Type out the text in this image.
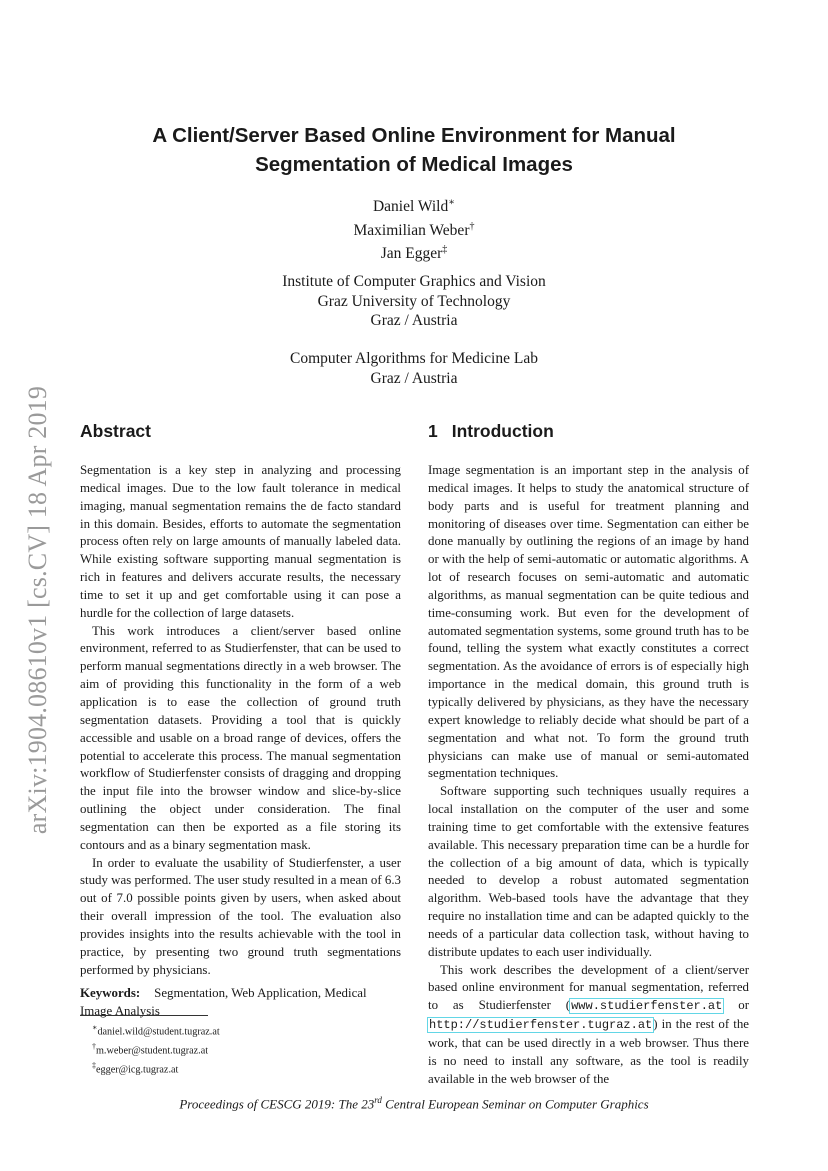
arXiv:1904.08610v1 [cs.CV] 18 Apr 2019
A Client/Server Based Online Environment for Manual
Segmentation of Medical Images
Daniel Wild∗
Maximilian Weber†
Jan Egger‡
Institute of Computer Graphics and Vision
Graz University of Technology
Graz / Austria
Computer Algorithms for Medicine Lab
Graz / Austria
Abstract

Segmentation is a key step in analyzing and processing medical images. Due to the low fault tolerance in medical imaging, manual segmentation remains the de facto standard in this domain. Besides, efforts to automate the segmentation process often rely on large amounts of manually labeled data. While existing software supporting manual segmentation is rich in features and delivers accurate results, the necessary time to set it up and get comfortable using it can pose a hurdle for the collection of large datasets.

This work introduces a client/server based online environment, referred to as Studierfenster, that can be used to perform manual segmentations directly in a web browser. The aim of providing this functionality in the form of a web application is to ease the collection of ground truth segmentation datasets. Providing a tool that is quickly accessible and usable on a broad range of devices, offers the potential to accelerate this process. The manual segmentation workflow of Studierfenster consists of dragging and dropping the input file into the browser window and slice-by-slice outlining the object under consideration. The final segmentation can then be exported as a file storing its contours and as a binary segmentation mask.

In order to evaluate the usability of Studierfenster, a user study was performed. The user study resulted in a mean of 6.3 out of 7.0 possible points given by users, when asked about their overall impression of the tool. The evaluation also provides insights into the results achievable with the tool in practice, by presenting two ground truth segmentations performed by physicians.

Keywords: Segmentation, Web Application, Medical Image Analysis

∗daniel.wild@student.tugraz.at
†m.weber@student.tugraz.at
‡egger@icg.tugraz.at
1 Introduction

Image segmentation is an important step in the analysis of medical images. It helps to study the anatomical structure of body parts and is useful for treatment planning and monitoring of diseases over time. Segmentation can either be done manually by outlining the regions of an image by hand or with the help of semi-automatic or automatic algorithms. A lot of research focuses on semi-automatic and automatic algorithms, as manual segmentation can be quite tedious and time-consuming work. But even for the development of automated segmentation systems, some ground truth has to be found, telling the system what exactly constitutes a correct segmentation. As the avoidance of errors is of especially high importance in the medical domain, this ground truth is typically delivered by physicians, as they have the necessary expert knowledge to reliably decide what should be part of a segmentation and what not. To form the ground truth physicians can make use of manual or semi-automated segmentation techniques.

Software supporting such techniques usually requires a local installation on the computer of the user and some training time to get comfortable with the extensive features available. This necessary preparation time can be a hurdle for the collection of a big amount of data, which is typically needed to develop a robust automated segmentation algorithm. Web-based tools have the advantage that they require no installation time and can be adapted quickly to the needs of a particular data collection task, without having to distribute updates to each user individually.

This work describes the development of a client/server based online environment for manual segmentation, referred to as Studierfenster (www.studierfenster.at or http://studierfenster.tugraz.at) in the rest of the work, that can be used directly in a web browser. Thus there is no need to install any software, as the tool is readily available in the web browser of the

Proceedings of CESCG 2019: The 23rd Central European Seminar on Computer Graphics
